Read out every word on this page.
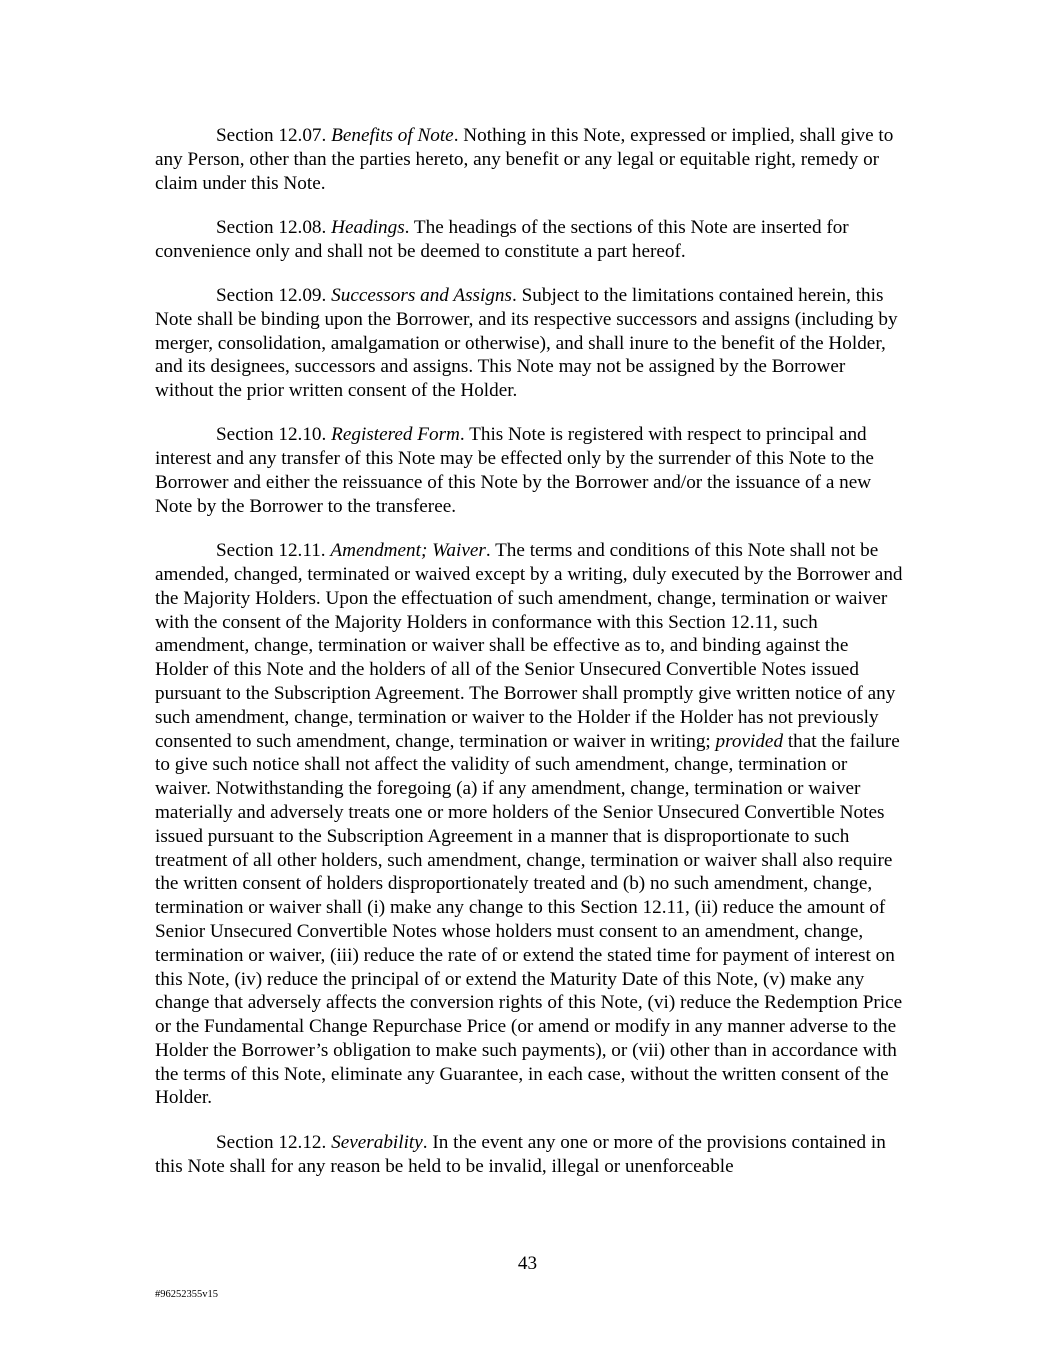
Section 12.07. Benefits of Note. Nothing in this Note, expressed or implied, shall give to any Person, other than the parties hereto, any benefit or any legal or equitable right, remedy or claim under this Note.

Section 12.08. Headings. The headings of the sections of this Note are inserted for convenience only and shall not be deemed to constitute a part hereof.

Section 12.09. Successors and Assigns. Subject to the limitations contained herein, this Note shall be binding upon the Borrower, and its respective successors and assigns (including by merger, consolidation, amalgamation or otherwise), and shall inure to the benefit of the Holder, and its designees, successors and assigns. This Note may not be assigned by the Borrower without the prior written consent of the Holder.

Section 12.10. Registered Form. This Note is registered with respect to principal and interest and any transfer of this Note may be effected only by the surrender of this Note to the Borrower and either the reissuance of this Note by the Borrower and/or the issuance of a new Note by the Borrower to the transferee.

Section 12.11. Amendment; Waiver. The terms and conditions of this Note shall not be amended, changed, terminated or waived except by a writing, duly executed by the Borrower and the Majority Holders. Upon the effectuation of such amendment, change, termination or waiver with the consent of the Majority Holders in conformance with this Section 12.11, such amendment, change, termination or waiver shall be effective as to, and binding against the Holder of this Note and the holders of all of the Senior Unsecured Convertible Notes issued pursuant to the Subscription Agreement. The Borrower shall promptly give written notice of any such amendment, change, termination or waiver to the Holder if the Holder has not previously consented to such amendment, change, termination or waiver in writing; provided that the failure to give such notice shall not affect the validity of such amendment, change, termination or waiver. Notwithstanding the foregoing (a) if any amendment, change, termination or waiver materially and adversely treats one or more holders of the Senior Unsecured Convertible Notes issued pursuant to the Subscription Agreement in a manner that is disproportionate to such treatment of all other holders, such amendment, change, termination or waiver shall also require the written consent of holders disproportionately treated and (b) no such amendment, change, termination or waiver shall (i) make any change to this Section 12.11, (ii) reduce the amount of Senior Unsecured Convertible Notes whose holders must consent to an amendment, change, termination or waiver, (iii) reduce the rate of or extend the stated time for payment of interest on this Note, (iv) reduce the principal of or extend the Maturity Date of this Note, (v) make any change that adversely affects the conversion rights of this Note, (vi) reduce the Redemption Price or the Fundamental Change Repurchase Price (or amend or modify in any manner adverse to the Holder the Borrower’s obligation to make such payments), or (vii) other than in accordance with the terms of this Note, eliminate any Guarantee, in each case, without the written consent of the Holder.

Section 12.12. Severability. In the event any one or more of the provisions contained in this Note shall for any reason be held to be invalid, illegal or unenforceable

43
#96252355v15
